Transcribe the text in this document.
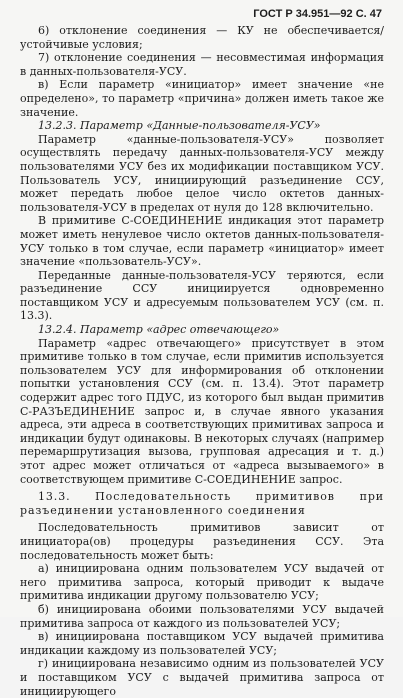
ГОСТ Р 34.951—92 С. 47

6) отклонение соединения — КУ не обеспечивается/устойчивые условия;

7) отклонение соединения — несовместимая информация в данных-пользователя-УСУ.

в) Если параметр «инициатор» имеет значение «не определено», то параметр «причина» должен иметь такое же значение.

13.2.3. Параметр «Данные-пользователя-УСУ»

Параметр «данные-пользователя-УСУ» позволяет осуществлять передачу данных-пользователя-УСУ между пользователями УСУ без их модификации поставщиком УСУ. Пользователь УСУ, инициирующий разъединение ССУ, может передать любое целое число октетов данных-пользователя-УСУ в пределах от нуля до 128 включительно.

В примитиве С-СОЕДИНЕНИЕ индикация этот параметр может иметь ненулевое число октетов данных-пользователя-УСУ только в том случае, если параметр «инициатор» имеет значение «пользователь-УСУ».

Переданные данные-пользователя-УСУ теряются, если разъединение ССУ инициируется одновременно поставщиком УСУ и адресуемым пользователем УСУ (см. п. 13.3).

13.2.4. Параметр «адрес отвечающего»

Параметр «адрес отвечающего» присутствует в этом примитиве только в том случае, если примитив используется пользователем УСУ для информирования об отклонении попытки установления ССУ (см. п. 13.4). Этот параметр содержит адрес того ПДУС, из которого был выдан примитив С-РАЗЪЕДИНЕНИЕ запрос и, в случае явного указания адреса, эти адреса в соответствующих примитивах запроса и индикации будут одинаковы. В некоторых случаях (например перемаршрутизация вызова, групповая адресация и т. д.) этот адрес может отличаться от «адреса вызываемого» в соответствующем примитиве С-СОЕДИНЕНИЕ запрос.

13.3. Последовательность примитивов при разъединении установленного соединения

Последовательность примитивов зависит от инициатора(ов) процедуры разъединения ССУ. Эта последовательность может быть:

а) инициирована одним пользователем УСУ выдачей от него примитива запроса, который приводит к выдаче примитива индикации другому пользователю УСУ;

б) инициирована обоими пользователями УСУ выдачей примитива запроса от каждого из пользователей УСУ;

в) инициирована поставщиком УСУ выдачей примитива индикации каждому из пользователей УСУ;

г) инициирована независимо одним из пользователей УСУ и поставщиком УСУ с выдачей примитива запроса от инициирующего
